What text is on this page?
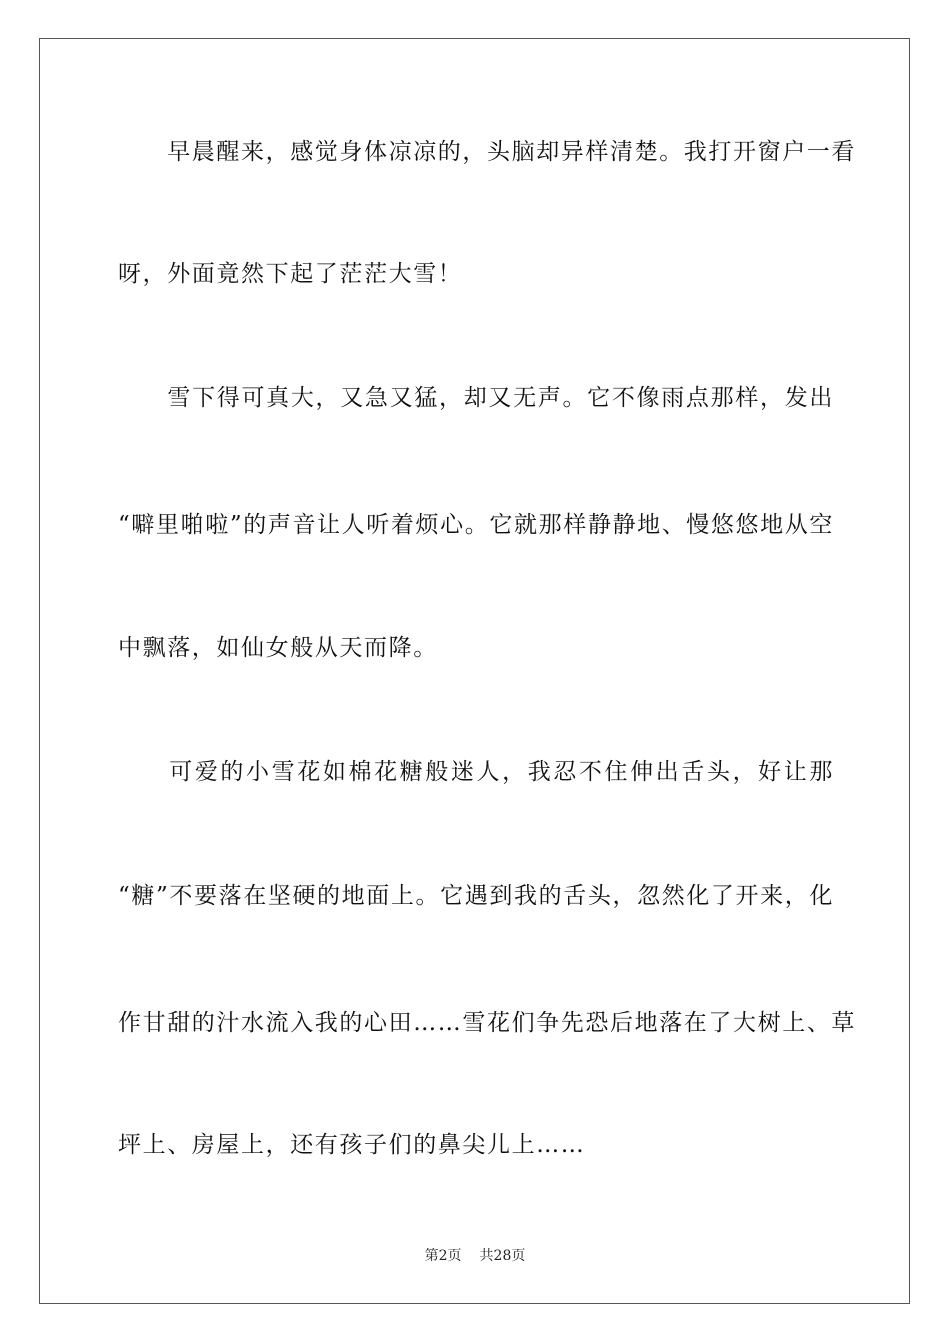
　　早晨醒来，感觉身体凉凉的，头脑却异样清楚。我打开窗户一看
呀，外面竟然下起了茫茫大雪！
　　雪下得可真大，又急又猛，却又无声。它不像雨点那样，发出
“噼里啪啦”的声音让人听着烦心。它就那样静静地、慢悠悠地从空
中飘落，如仙女般从天而降。
　　可爱的小雪花如棉花糖般迷人，我忍不住伸出舌头，好让那
“糖”不要落在坚硬的地面上。它遇到我的舌头，忽然化了开来，化
作甘甜的汁水流入我的心田……雪花们争先恐后地落在了大树上、草
坪上、房屋上，还有孩子们的鼻尖儿上……
第2页 共28页
